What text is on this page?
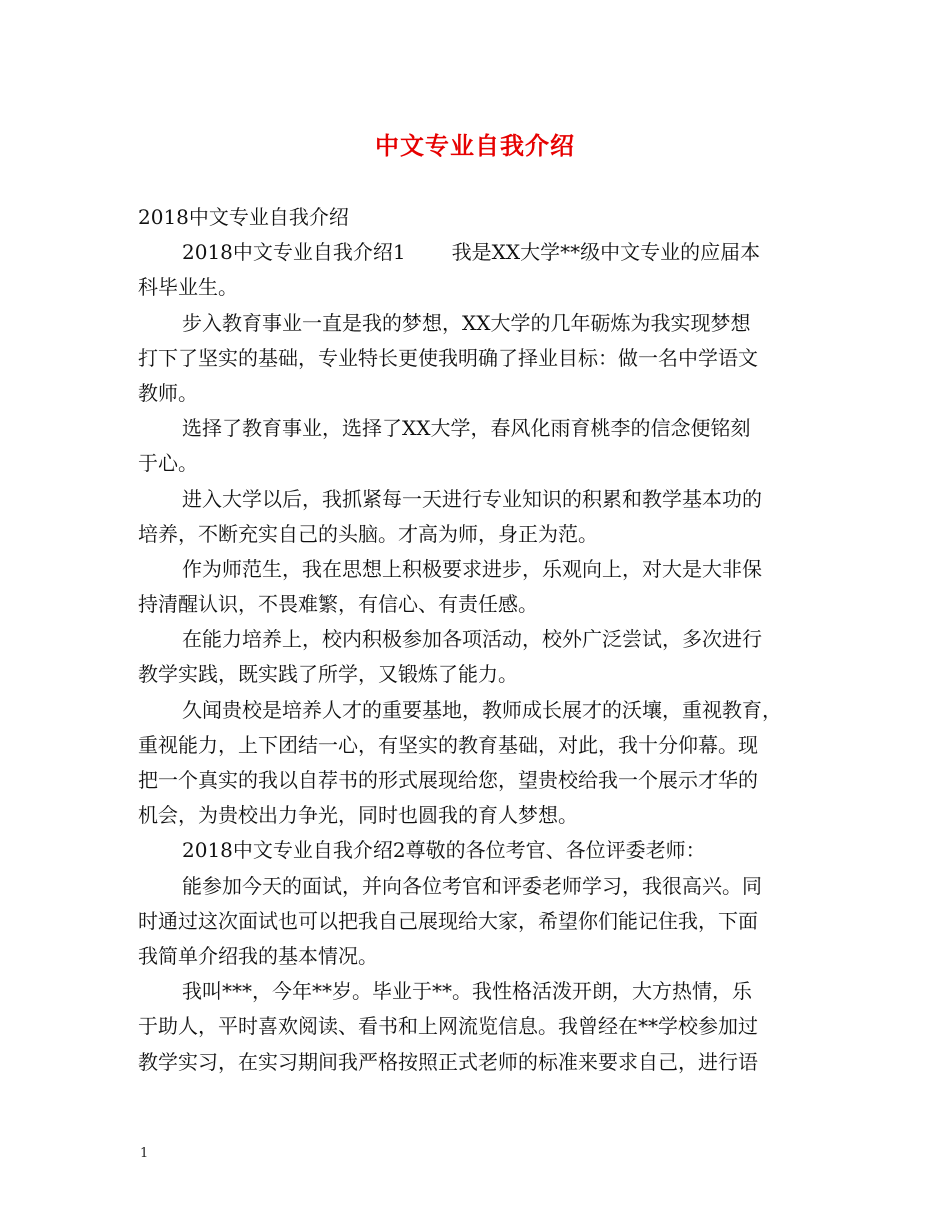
中文专业自我介绍
2018中文专业自我介绍
2018中文专业自我介绍1 我是XX大学**级中文专业的应届本
科毕业生。
步入教育事业一直是我的梦想，XX大学的几年砺炼为我实现梦想
打下了坚实的基础，专业特长更使我明确了择业目标：做一名中学语文
教师。
选择了教育事业，选择了XX大学，春风化雨育桃李的信念便铭刻
于心。
进入大学以后，我抓紧每一天进行专业知识的积累和教学基本功的
培养，不断充实自己的头脑。才高为师，身正为范。
作为师范生，我在思想上积极要求进步，乐观向上，对大是大非保
持清醒认识，不畏难繁，有信心、有责任感。
在能力培养上，校内积极参加各项活动，校外广泛尝试，多次进行
教学实践，既实践了所学，又锻炼了能力。
久闻贵校是培养人才的重要基地，教师成长展才的沃壤，重视教育，
重视能力，上下团结一心，有坚实的教育基础，对此，我十分仰幕。现
把一个真实的我以自荐书的形式展现给您，望贵校给我一个展示才华的
机会，为贵校出力争光，同时也圆我的育人梦想。
2018中文专业自我介绍2尊敬的各位考官、各位评委老师：
能参加今天的面试，并向各位考官和评委老师学习，我很高兴。同
时通过这次面试也可以把我自己展现给大家，希望你们能记住我，下面
我简单介绍我的基本情况。
我叫***，今年**岁。毕业于**。我性格活泼开朗，大方热情，乐
于助人，平时喜欢阅读、看书和上网流览信息。我曾经在**学校参加过
教学实习，在实习期间我严格按照正式老师的标准来要求自己，进行语
1
